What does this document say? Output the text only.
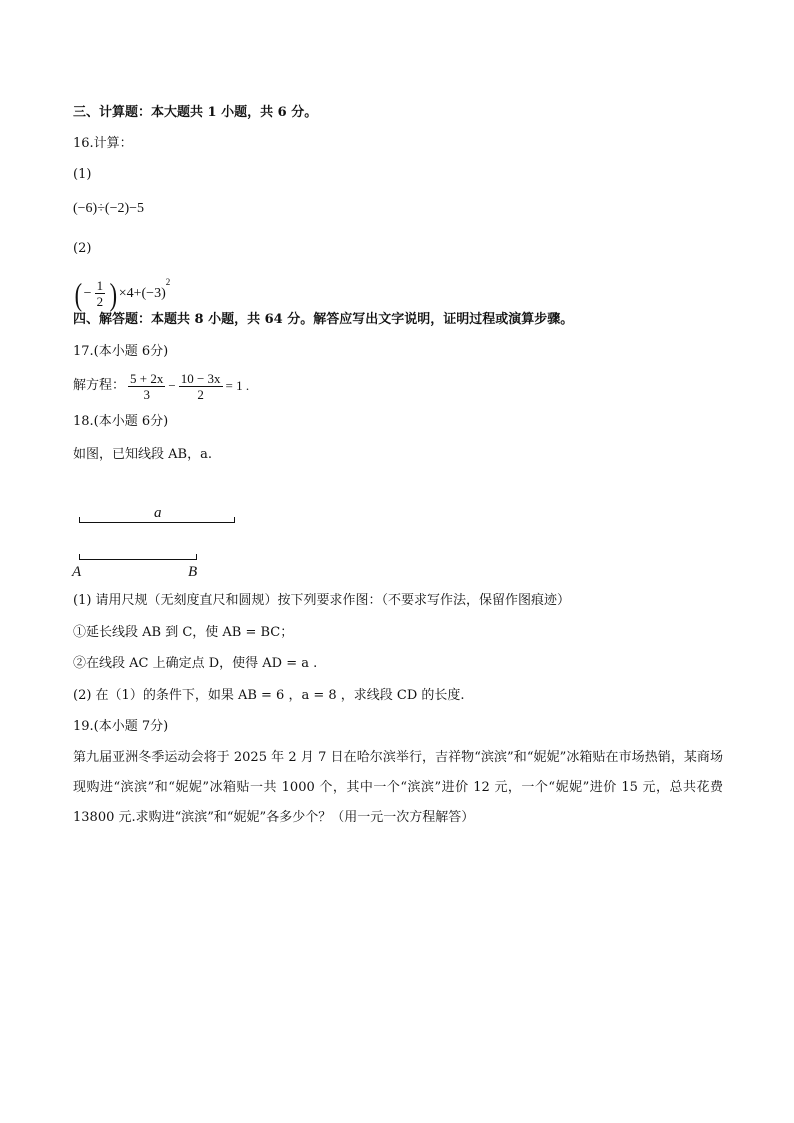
三、计算题：本大题共 1 小题，共 6 分。
16.计算：
(1)
(−6)÷(−2)−5
(2)
( − $\frac{1}{2}$ ) $\times 4+(-3)^2$
四、解答题：本题共 8 小题，共 64 分。解答应写出文字说明，证明过程或演算步骤。
17.(本小题 6分)
解方程： $\frac{5 + 2x}{3} - \frac{10 - 3x}{2} = 1$ .
18.(本小题 6分)
如图，已知线段 AB，a.
a
A	B
(1) 请用尺规（无刻度直尺和圆规）按下列要求作图：（不要求写作法，保留作图痕迹）
①延长线段 AB 到 C，使 AB = BC；
②在线段 AC 上确定点 D，使得 AD = a .
(2) 在（1）的条件下，如果 AB = 6 ，a = 8 ，求线段 CD 的长度.
19.(本小题 7分)
第九届亚洲冬季运动会将于 2025 年 2 月 7 日在哈尔滨举行，吉祥物“滨滨”和“妮妮”冰箱贴在市场热销，某商场现购进“滨滨”和“妮妮”冰箱贴一共 1000 个，其中一个“滨滨”进价 12 元，一个“妮妮”进价 15 元，总共花费 13800 元.求购进“滨滨”和“妮妮”各多少个？（用一元一次方程解答）
